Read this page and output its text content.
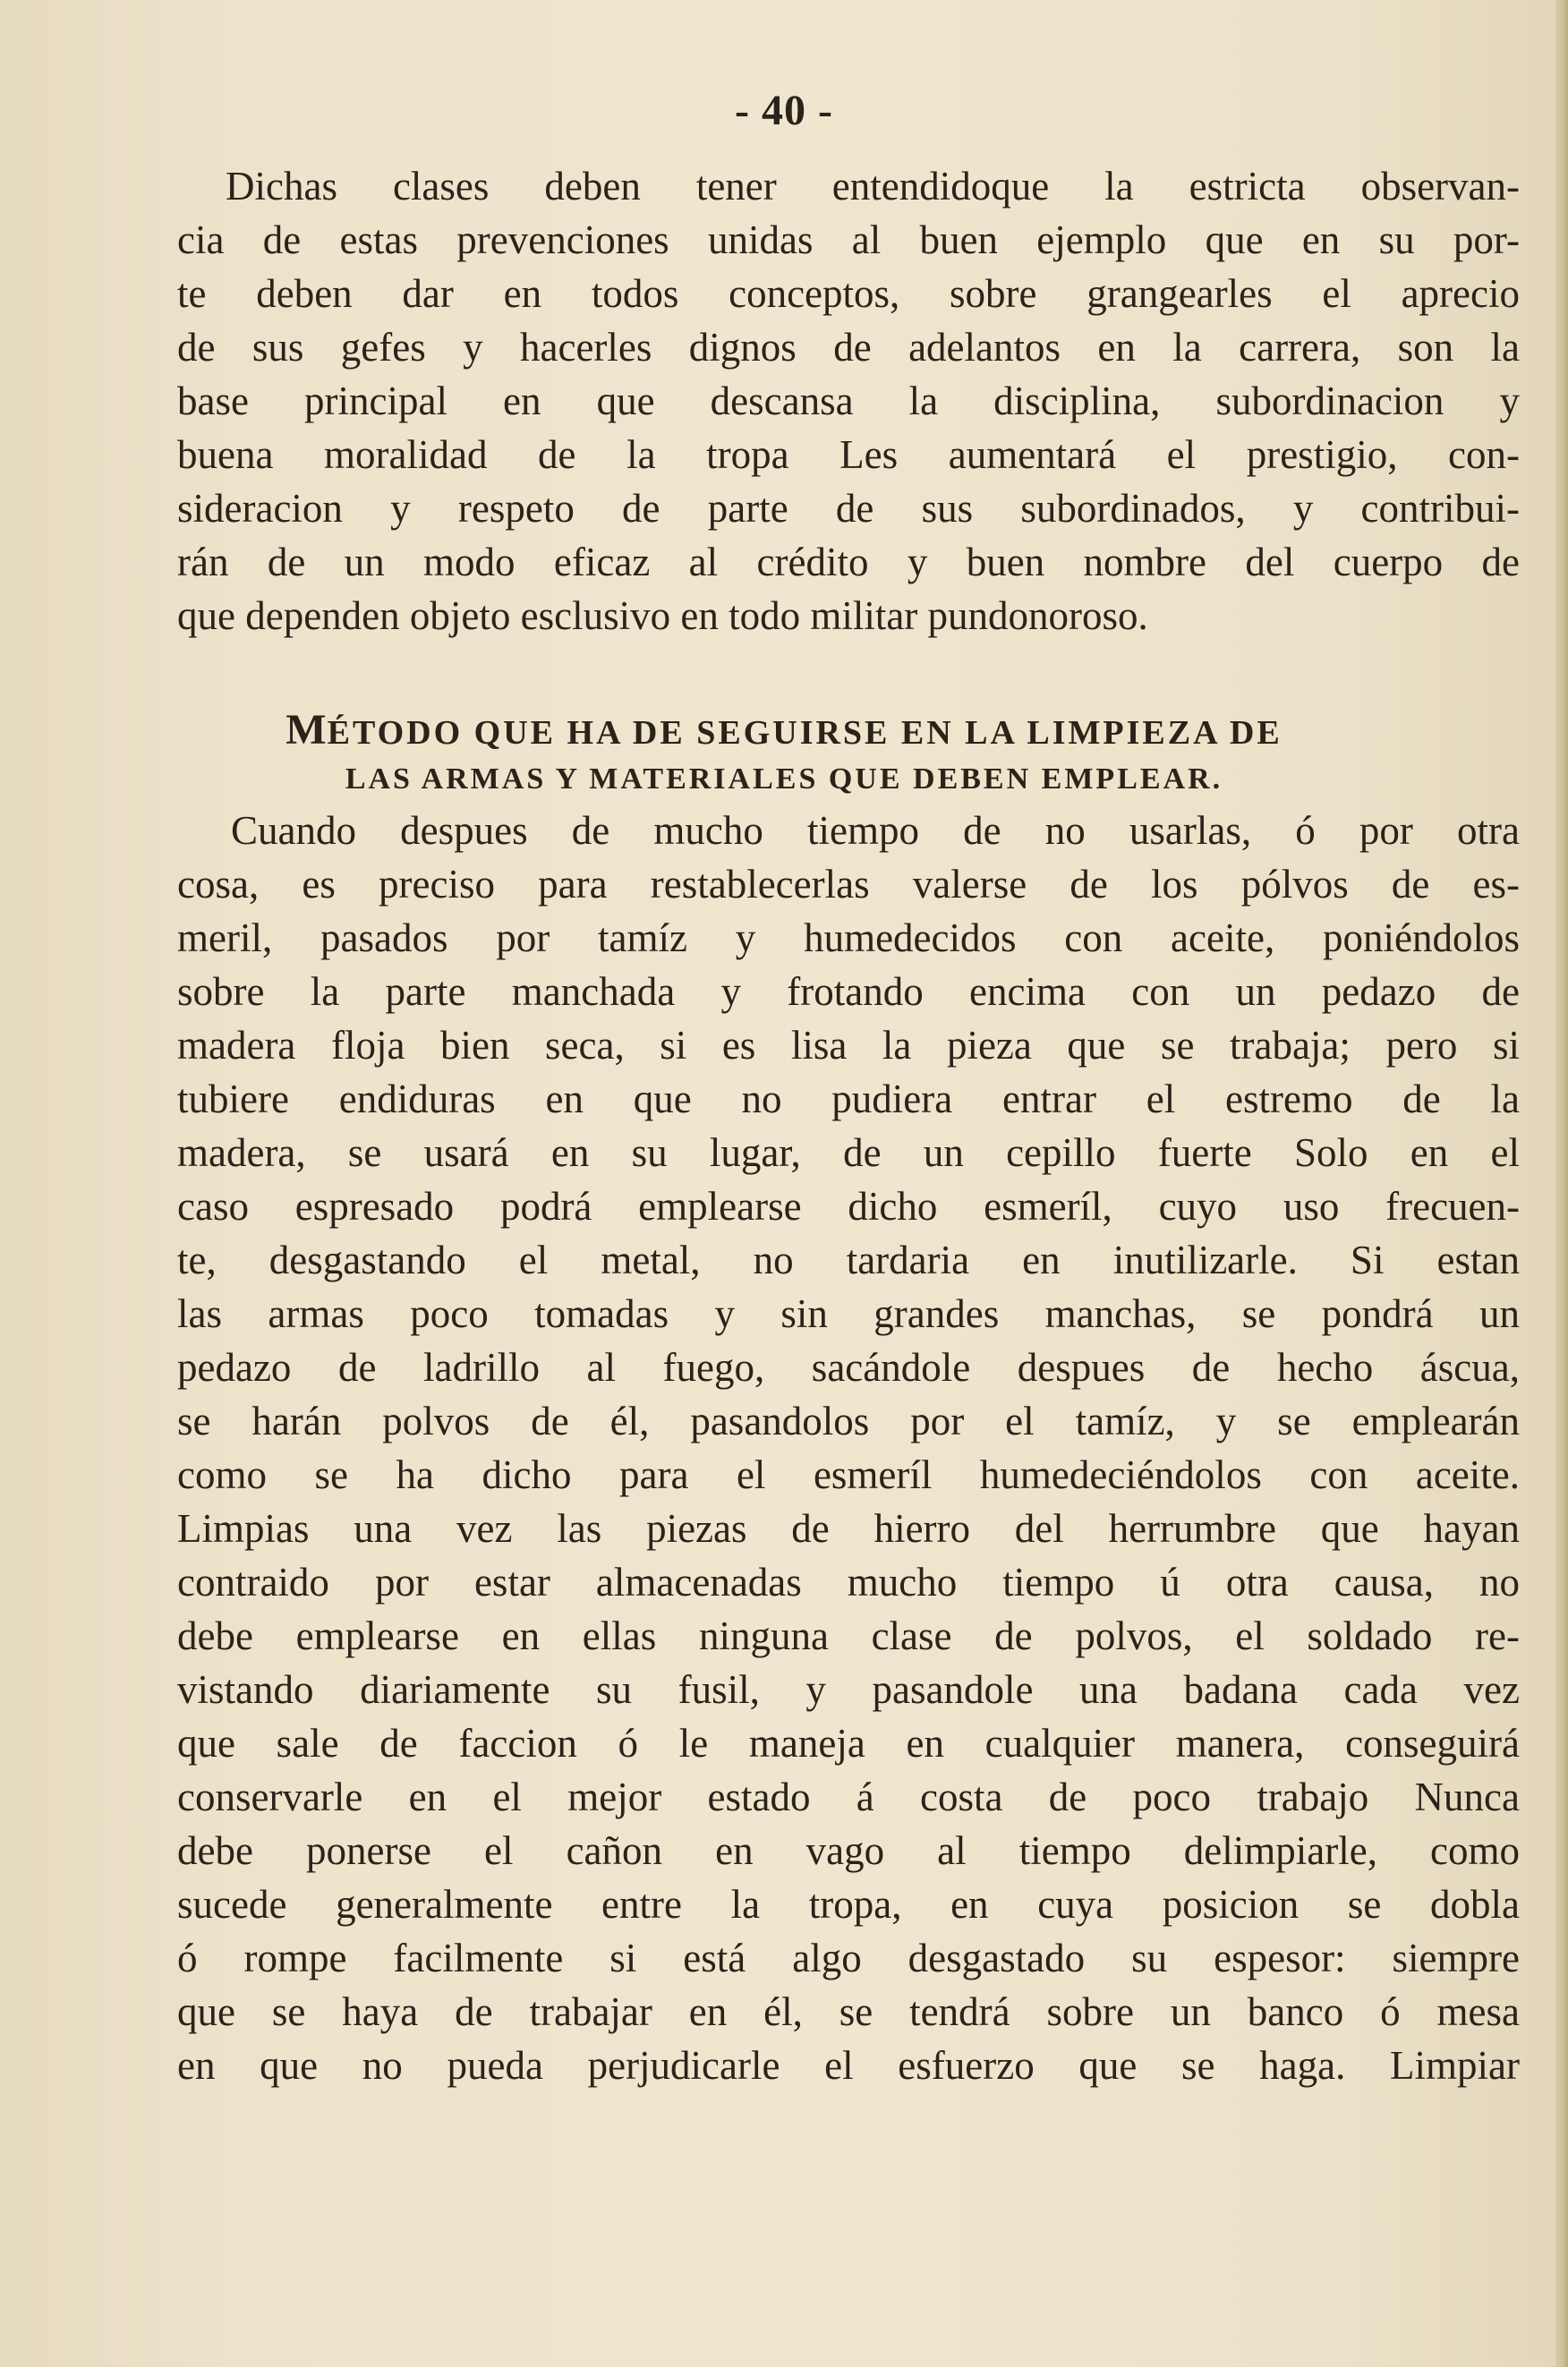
- 40 -
Dichas clases deben tener entendidoque la estricta observan-
cia de estas prevenciones unidas al buen ejemplo que en su por-
te deben dar en todos conceptos, sobre grangearles el aprecio
de sus gefes y hacerles dignos de adelantos en la carrera, son la
base principal en que descansa la disciplina, subordinacion y
buena moralidad de la tropa Les aumentará el prestigio, con-
sideracion y respeto de parte de sus subordinados, y contribui-
rán de un modo eficaz al crédito y buen nombre del cuerpo de
que dependen objeto esclusivo en todo militar pundonoroso.
MÉTODO QUE HA DE SEGUIRSE EN LA LIMPIEZA DE
LAS ARMAS Y MATERIALES QUE DEBEN EMPLEAR.
Cuando despues de mucho tiempo de no usarlas, ó por otra
cosa, es preciso para restablecerlas valerse de los pólvos de es-
meril, pasados por tamíz y humedecidos con aceite, poniéndolos
sobre la parte manchada y frotando encima con un pedazo de
madera floja bien seca, si es lisa la pieza que se trabaja; pero si
tubiere endiduras en que no pudiera entrar el estremo de la
madera, se usará en su lugar, de un cepillo fuerte Solo en el
caso espresado podrá emplearse dicho esmeríl, cuyo uso frecuen-
te, desgastando el metal, no tardaria en inutilizarle. Si estan
las armas poco tomadas y sin grandes manchas, se pondrá un
pedazo de ladrillo al fuego, sacándole despues de hecho áscua,
se harán polvos de él, pasandolos por el tamíz, y se emplearán
como se ha dicho para el esmeríl humedeciéndolos con aceite.
Limpias una vez las piezas de hierro del herrumbre que hayan
contraido por estar almacenadas mucho tiempo ú otra causa, no
debe emplearse en ellas ninguna clase de polvos, el soldado re-
vistando diariamente su fusil, y pasandole una badana cada vez
que sale de faccion ó le maneja en cualquier manera, conseguirá
conservarle en el mejor estado á costa de poco trabajo Nunca
debe ponerse el cañon en vago al tiempo delimpiarle, como
sucede generalmente entre la tropa, en cuya posicion se dobla
ó rompe facilmente si está algo desgastado su espesor: siempre
que se haya de trabajar en él, se tendrá sobre un banco ó mesa
en que no pueda perjudicarle el esfuerzo que se haga. Limpiar
